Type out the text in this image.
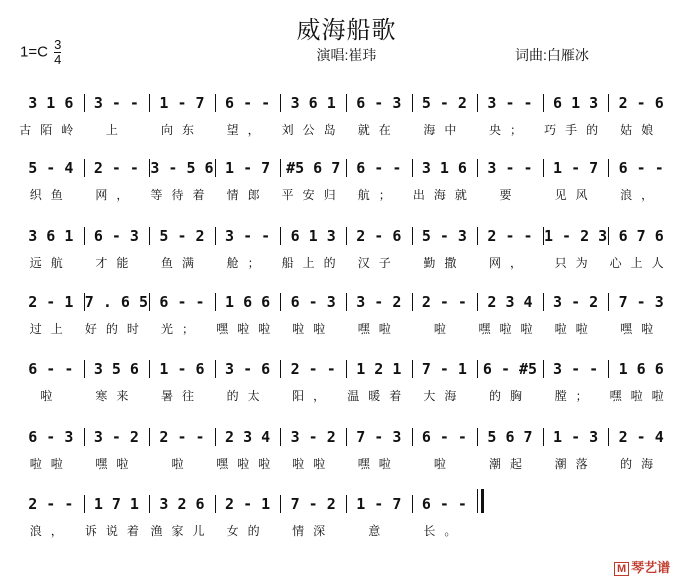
威海船歌
$1=C \frac{3}{4}$	演唱:崔玮	词曲:白雁冰
3 1 6
古陌岭
3 - -
上
1 - 7
向东
6 - -
望，
3 6 1
刘公岛
6 - 3
就在
5 - 2
海中
3 - -
央；
6 1 3
巧手的
2 - 6
姑娘
5 - 4
织鱼
2 - -
网，
3 - 5 6
等待着
1 - 7
情郎
#5 6 7
平安归
6 - -
航；
3 1 6
出海就
3 - -
要
1 - 7
见风
6 - -
浪，
3 6 1
远航
6 - 3
才能
5 - 2
鱼满
3 - -
舱；
6 1 3
船上的
2 - 6
汉子
5 - 3
勤撒
2 - -
网，
1 - 2 3
只为
6 7 6
心上人
2 - 1
过上
7 . 6 5
好的时
6 - -
光；
1 6 6
嘿啦啦
6 - 3
啦啦
3 - 2
嘿啦
2 - -
啦
2 3 4
嘿啦啦
3 - 2
啦啦
7 - 3
嘿啦
6 - -
啦
3 5 6
寒来
1 - 6
暑往
3 - 6
的太
2 - -
阳，
1 2 1
温暖着
7 - 1
大海
6 - #5
的胸
3 - -
膛；
1 6 6
嘿啦啦
6 - 3
啦啦
3 - 2
嘿啦
2 - -
啦
2 3 4
嘿啦啦
3 - 2
啦啦
7 - 3
嘿啦
6 - -
啦
5 6 7
潮起
1 - 3
潮落
2 - 4
的海
2 - -
浪，
1 7 1
诉说着
3 2 6
渔家儿
2 - 1
女的
7 - 2
情深
1 - 7
意
6 - -
长。
M 琴艺谱
